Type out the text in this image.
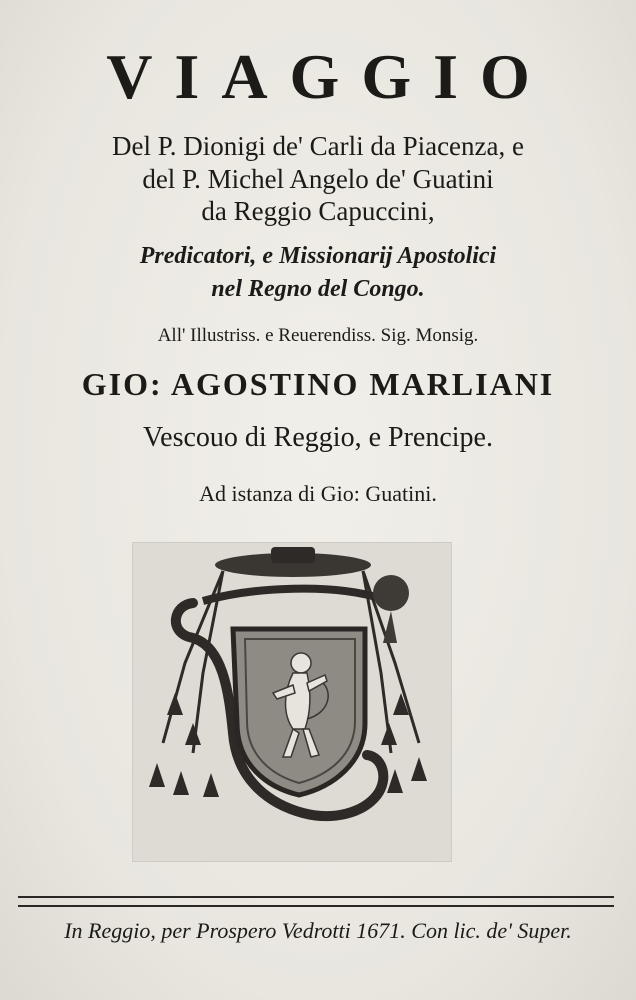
VIAGGIO
Del P. Dionigi de' Carli da Piacenza, e
del P. Michel Angelo de' Guatini
da Reggio Capuccini,
Predicatori, e Missionarij Apostolici
nel Regno del Congo.
All' Illustriss. e Reuerendiss. Sig. Monsig.
GIO: AGOSTINO MARLIANI
Vescouo di Reggio, e Prencipe.
Ad istanza di Gio: Guatini.
In Reggio, per Prospero Vedrotti 1671. Con lic. de' Super.
